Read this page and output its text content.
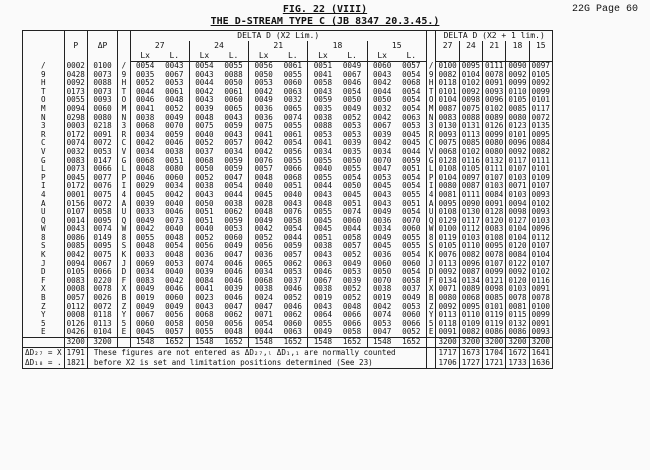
22G Page 60
FIG. 22 (VIII)
THE D-STREAM TYPE C (JB 8347 20.3.45.)
	P	ΔP		DELTA D (X2 Lim.)											DELTA D (X2 + 1 lim.)				
				27		24		21		18		15			27	24	21	18	15
				Lx	L.	Lx	L.	Lx	L.	Lx	L.	Lx	L.						
/	0002	0100	/	0054	0043	0054	0055	0056	0061	0051	0049	0060	0057	/	0100	0095	0111	0090	0097
9	0428	0073	9	0035	0067	0043	0088	0050	0055	0041	0067	0043	0054	9	0082	0104	0078	0092	0105
H	0092	0088	H	0052	0053	0044	0050	0053	0060	0058	0046	0042	0068	H	0118	0102	0091	0099	0092
T	0173	0073	T	0044	0061	0042	0061	0042	0063	0043	0054	0044	0054	T	0101	0092	0093	0110	0099
O	0055	0093	O	0046	0048	0043	0060	0049	0032	0059	0050	0050	0054	O	0104	0098	0096	0105	0101
M	0094	0060	M	0041	0052	0039	0065	0036	0065	0035	0049	0032	0054	M	0087	0075	0102	0085	0117
N	0298	0080	N	0038	0049	0048	0043	0036	0074	0038	0052	0042	0063	N	0083	0088	0089	0080	0072
3	0003	0218	3	0068	0070	0075	0059	0075	0055	0088	0053	0067	0053	3	0130	0131	0126	0123	0135
R	0172	0091	R	0034	0059	0040	0043	0041	0061	0053	0053	0039	0045	R	0093	0113	0099	0101	0095
C	0074	0072	C	0042	0046	0052	0057	0042	0054	0041	0039	0042	0045	C	0075	0085	0080	0096	0084
V	0032	0053	V	0034	0038	0037	0034	0042	0056	0034	0035	0034	0044	V	0068	0102	0080	0092	0082
G	0083	0147	G	0068	0051	0068	0059	0076	0055	0055	0050	0070	0059	G	0128	0116	0132	0117	0111
L	0073	0066	L	0048	0080	0050	0059	0057	0066	0040	0055	0047	0051	L	0108	0105	0111	0107	0101
P	0045	0077	P	0046	0060	0052	0047	0048	0068	0055	0054	0053	0054	P	0104	0097	0107	0103	0109
I	0172	0076	I	0029	0034	0038	0054	0040	0051	0044	0050	0045	0054	I	0080	0087	0103	0071	0107
4	0001	0075	4	0045	0042	0043	0044	0045	0040	0043	0045	0043	0055	4	0081	0111	0084	0103	0093
A	0156	0072	A	0039	0040	0050	0038	0028	0043	0048	0051	0043	0051	A	0095	0090	0091	0094	0102
U	0107	0058	U	0033	0046	0051	0062	0048	0076	0055	0074	0049	0054	U	0108	0130	0128	0098	0093
Q	0014	0095	Q	0049	0073	0051	0059	0049	0058	0045	0060	0036	0070	Q	0129	0117	0120	0127	0103
W	0043	0074	W	0042	0040	0040	0053	0042	0054	0045	0044	0034	0060	W	0100	0112	0083	0104	0096
8	0086	0149	8	0055	0048	0052	0060	0052	0044	0051	0058	0049	0055	8	0119	0103	0108	0104	0112
S	0085	0095	S	0048	0054	0056	0049	0056	0059	0038	0057	0045	0055	S	0105	0110	0095	0120	0107
K	0042	0075	K	0033	0048	0036	0047	0036	0057	0043	0052	0036	0054	K	0076	0082	0078	0084	0104
J	0094	0067	J	0069	0053	0074	0046	0065	0062	0063	0049	0060	0060	J	0113	0096	0107	0122	0107
D	0105	0066	D	0034	0040	0039	0046	0034	0053	0046	0053	0050	0054	D	0092	0087	0099	0092	0102
F	0083	0220	F	0083	0042	0084	0046	0068	0037	0067	0039	0070	0058	F	0134	0134	0121	0120	0116
X	0008	0078	X	0049	0046	0041	0039	0038	0046	0038	0052	0038	0037	X	0071	0089	0098	0103	0091
B	0057	0026	B	0019	0060	0023	0046	0024	0052	0019	0052	0019	0049	B	0080	0068	0085	0078	0078
Z	0112	0072	Z	0049	0049	0043	0047	0047	0046	0043	0048	0042	0053	Z	0092	0095	0101	0081	0100
Y	0008	0118	Y	0067	0056	0068	0062	0071	0062	0064	0066	0074	0060	Y	0113	0110	0119	0115	0099
5	0126	0113	5	0060	0058	0050	0056	0054	0060	0055	0066	0053	0066	5	0118	0109	0119	0132	0091
E	0426	0104	E	0045	0057	0055	0048	0044	0063	0049	0058	0047	0052	E	0091	0082	0086	0086	0093
	3200	3200		1548	1652	1548	1652	1548	1652	1548	1652	1548	1652		3200	3200	3200	3200	3200
ΔD₂₇ = X	1791	These figures are not entered as ΔD₂₇,ₗ ΔD₁,₁ are normally counted before X2 is set and limitation positions determined (See 23)													1717	1673	1704	1672	1641
ΔD₁₈ = .	1821														1706	1727	1721	1733	1636
